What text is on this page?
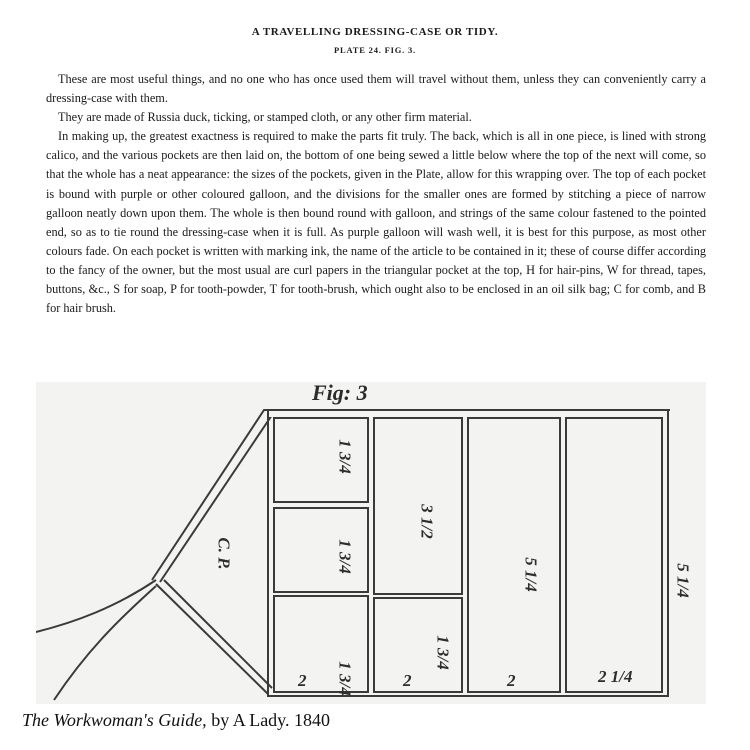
A TRAVELLING DRESSING-CASE OR TIDY.
PLATE 24. FIG. 3.

These are most useful things, and no one who has once used them will travel without them, unless they can conveniently carry a dressing-case with them.

They are made of Russia duck, ticking, or stamped cloth, or any other firm material.

In making up, the greatest exactness is required to make the parts fit truly. The back, which is all in one piece, is lined with strong calico, and the various pockets are then laid on, the bottom of one being sewed a little below where the top of the next will come, so that the whole has a neat appearance: the sizes of the pockets, given in the Plate, allow for this wrapping over. The top of each pocket is bound with purple or other coloured galloon, and the divisions for the smaller ones are formed by stitching a piece of narrow galloon neatly down upon them. The whole is then bound round with galloon, and strings of the same colour fastened to the pointed end, so as to tie round the dressing-case when it is full. As purple galloon will wash well, it is best for this purpose, as most other colours fade. On each pocket is written with marking ink, the name of the article to be contained in it; these of course differ according to the fancy of the owner, but the most usual are curl papers in the triangular pocket at the top, H for hair-pins, W for thread, tapes, buttons, &c., S for soap, P for tooth-powder, T for tooth-brush, which ought also to be enclosed in an oil silk bag; C for comb, and B for hair brush.

Fig: 3
C. P.
1 3/4
1 3/4
1 3/4
3 1/2
1 3/4
5 1/4	5 1/4
2	2	2	2 1/4
The Workwoman's Guide, by A Lady. 1840
